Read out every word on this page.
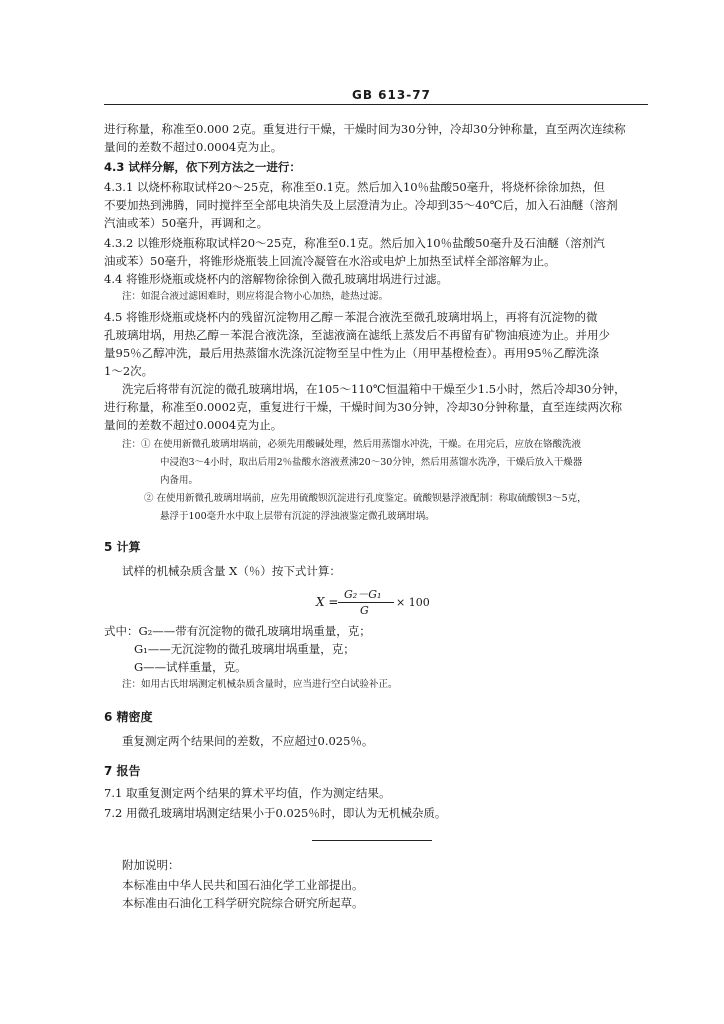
GB 613-77
进行称量，称准至0.000 2克。重复进行干燥，干燥时间为30分钟，冷却30分钟称量，直至两次连续称
量间的差数不超过0.0004克为止。
4.3 试样分解，依下列方法之一进行：
4.3.1 以烧杯称取试样20～25克，称准至0.1克。然后加入10％盐酸50毫升，将烧杯徐徐加热，但
不要加热到沸腾，同时搅拌至全部电块消失及上层澄清为止。冷却到35～40℃后，加入石油醚（溶剂
汽油或苯）50毫升，再调和之。
4.3.2 以锥形烧瓶称取试样20～25克，称准至0.1克。然后加入10％盐酸50毫升及石油醚（溶剂汽
油或苯）50毫升，将锥形烧瓶装上回流冷凝管在水浴或电炉上加热至试样全部溶解为止。
4.4 将锥形烧瓶或烧杯内的溶解物徐徐倒入微孔玻璃坩埚进行过滤。
注：如混合液过滤困难时，则应将混合物小心加热，趁热过滤。
4.5 将锥形烧瓶或烧杯内的残留沉淀物用乙醇－苯混合液洗至微孔玻璃坩埚上，再将有沉淀物的微
孔玻璃坩埚，用热乙醇－苯混合液洗涤，至滤液滴在滤纸上蒸发后不再留有矿物油痕迹为止。并用少
量95％乙醇冲洗，最后用热蒸馏水洗涤沉淀物至呈中性为止（用甲基橙检查）。再用95％乙醇洗涤
1～2次。
洗完后将带有沉淀的微孔玻璃坩埚，在105～110℃恒温箱中干燥至少1.5小时，然后冷却30分钟，
进行称量，称准至0.0002克，重复进行干燥，干燥时间为30分钟，冷却30分钟称量，直至连续两次称
量间的差数不超过0.0004克为止。
注：① 在使用新微孔玻璃坩埚前，必须先用酸碱处理，然后用蒸馏水冲洗，干燥。在用完后，应放在铬酸洗液
中浸泡3～4小时，取出后用2％盐酸水溶液煮沸20～30分钟，然后用蒸馏水洗净，干燥后放入干燥器
内备用。
② 在使用新微孔玻璃坩埚前，应先用硫酸钡沉淀进行孔度鉴定。硫酸钡悬浮液配制：称取硫酸钡3～5克，
悬浮于100毫升水中取上层带有沉淀的浮浊液鉴定微孔玻璃坩埚。
5 计算
试样的机械杂质含量 X（％）按下式计算：
X =
G₂－G₁
G
× 100
式中：G₂——带有沉淀物的微孔玻璃坩埚重量，克；
G₁——无沉淀物的微孔玻璃坩埚重量，克；
G——试样重量，克。
注：如用古氏坩埚测定机械杂质含量时，应当进行空白试验补正。
6 精密度
重复测定两个结果间的差数，不应超过0.025％。
7 报告
7.1 取重复测定两个结果的算术平均值，作为测定结果。
7.2 用微孔玻璃坩埚测定结果小于0.025％时，即认为无机械杂质。
附加说明：
本标准由中华人民共和国石油化学工业部提出。
本标准由石油化工科学研究院综合研究所起草。
